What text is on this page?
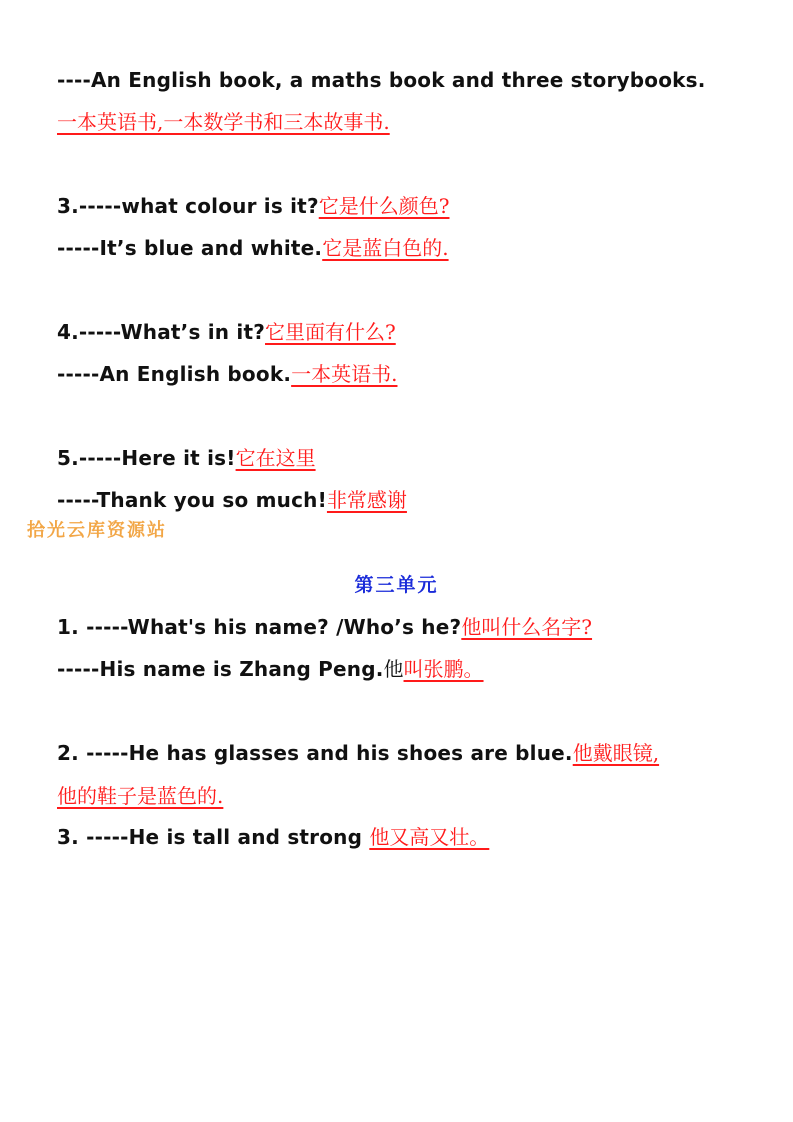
----An English book, a maths book and three storybooks.
一本英语书,一本数学书和三本故事书.
3.-----what colour is it?它是什么颜色?
-----It’s blue and white.它是蓝白色的.
4.-----What’s in it?它里面有什么?
-----An English book.一本英语书.
5.-----Here it is!它在这里
-----Thank you so much!非常感谢
拾光云库资源站
第三单元
1. -----What's his name? /Who’s he?他叫什么名字?
-----His name is Zhang Peng.他叫张鹏。
2. -----He has glasses and his shoes are blue.他戴眼镜,
他的鞋子是蓝色的.
3. -----He is tall and strong 他又高又壮。
